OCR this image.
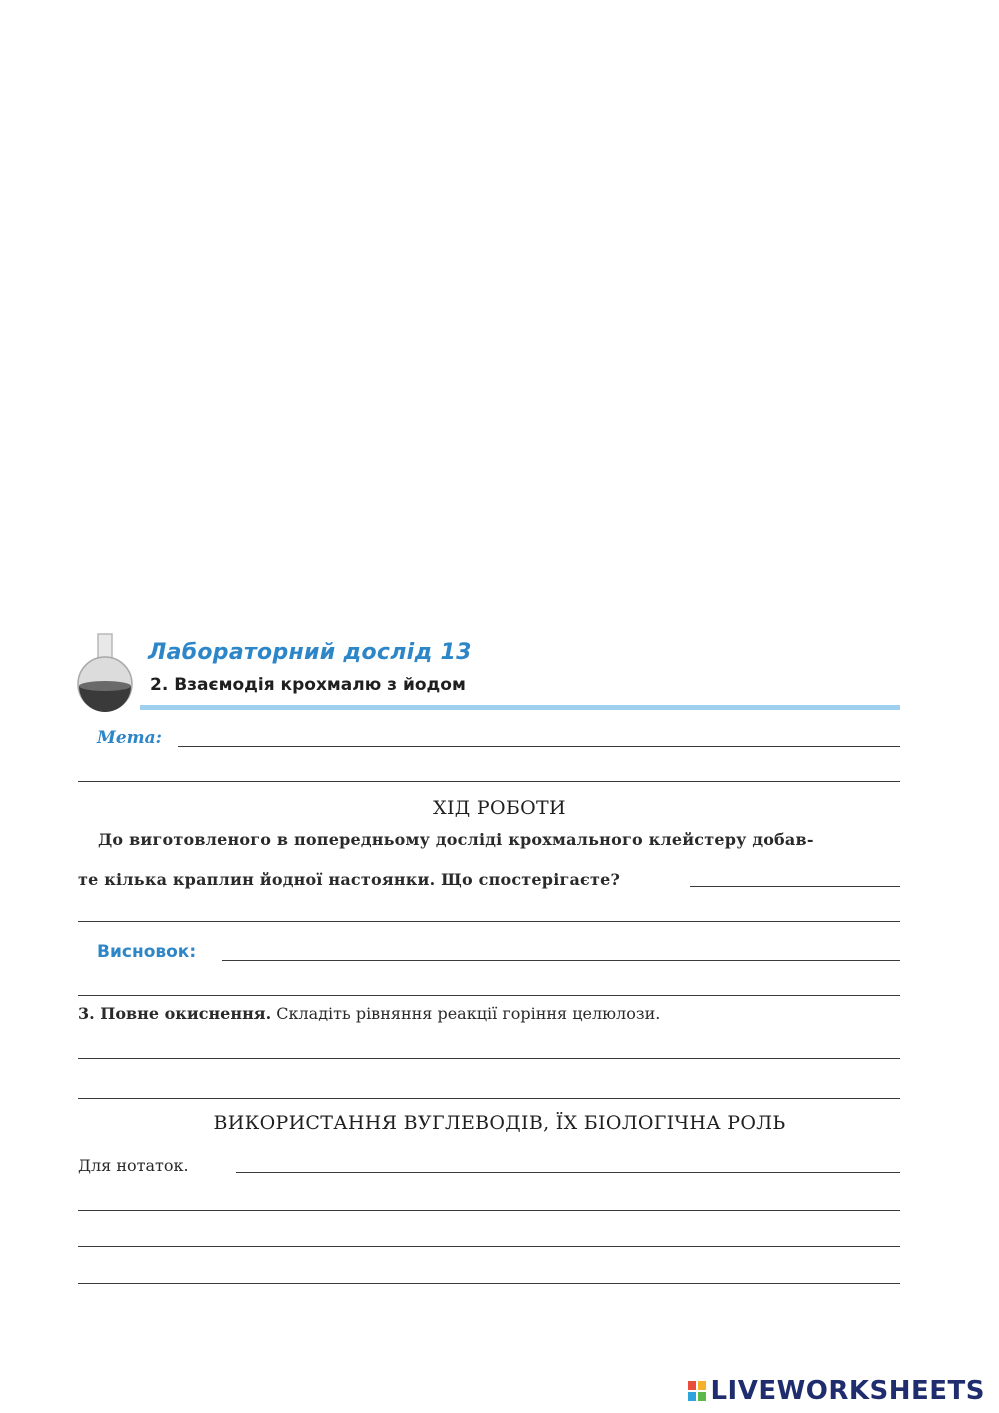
Лабораторний дослід 13
2. Взаємодія крохмалю з йодом
Мета:
ХІД РОБОТИ
До виготовленого в попередньому досліді крохмального клейстеру добав-
те кілька краплин йодної настоянки. Що спостерігаєте?
Висновок:
3. Повне окиснення. Складіть рівняння реакції горіння целюлози.
ВИКОРИСТАННЯ ВУГЛЕВОДІВ, ЇХ БІОЛОГІЧНА РОЛЬ
Для нотаток.
LIVEWORKSHEETS
